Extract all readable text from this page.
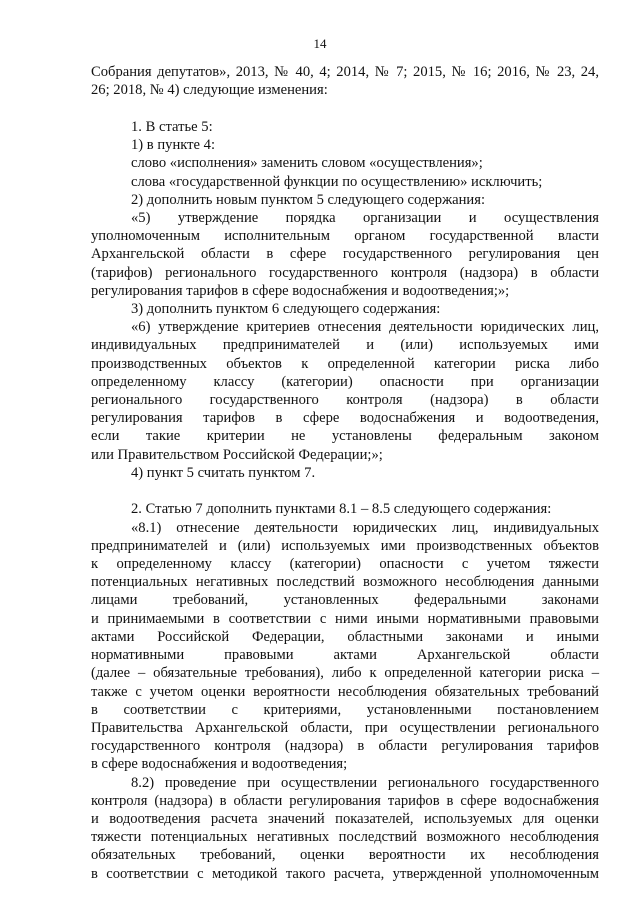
14

Собрания депутатов», 2013, № 40, 4; 2014, № 7; 2015, № 16; 2016, № 23, 24,

26; 2018, № 4) следующие изменения:

1. В статье 5:

1) в пункте 4:

слово «исполнения» заменить словом «осуществления»;

слова «государственной функции по осуществлению» исключить;

2) дополнить новым пунктом 5 следующего содержания:

«5) утверждение порядка организации и осуществления

уполномоченным исполнительным органом государственной власти

Архангельской области в сфере государственного регулирования цен

(тарифов) регионального государственного контроля (надзора) в области

регулирования тарифов в сфере водоснабжения и водоотведения;»;

3) дополнить пунктом 6 следующего содержания:

«6) утверждение критериев отнесения деятельности юридических лиц,

индивидуальных предпринимателей и (или) используемых ими

производственных объектов к определенной категории риска либо

определенному классу (категории) опасности при организации

регионального государственного контроля (надзора) в области

регулирования тарифов в сфере водоснабжения и водоотведения,

если такие критерии не установлены федеральным законом

или Правительством Российской Федерации;»;

4) пункт 5 считать пунктом 7.

2. Статью 7 дополнить пунктами 8.1 – 8.5 следующего содержания:

«8.1) отнесение деятельности юридических лиц, индивидуальных

предпринимателей и (или) используемых ими производственных объектов

к определенному классу (категории) опасности с учетом тяжести

потенциальных негативных последствий возможного несоблюдения данными

лицами требований, установленных федеральными законами

и принимаемыми в соответствии с ними иными нормативными правовыми

актами Российской Федерации, областными законами и иными

нормативными правовыми актами Архангельской области

(далее – обязательные требования), либо к определенной категории риска –

также с учетом оценки вероятности несоблюдения обязательных требований

в соответствии с критериями, установленными постановлением

Правительства Архангельской области, при осуществлении регионального

государственного контроля (надзора) в области регулирования тарифов

в сфере водоснабжения и водоотведения;

8.2) проведение при осуществлении регионального государственного

контроля (надзора) в области регулирования тарифов в сфере водоснабжения

и водоотведения расчета значений показателей, используемых для оценки

тяжести потенциальных негативных последствий возможного несоблюдения

обязательных требований, оценки вероятности их несоблюдения

в соответствии с методикой такого расчета, утвержденной уполномоченным
